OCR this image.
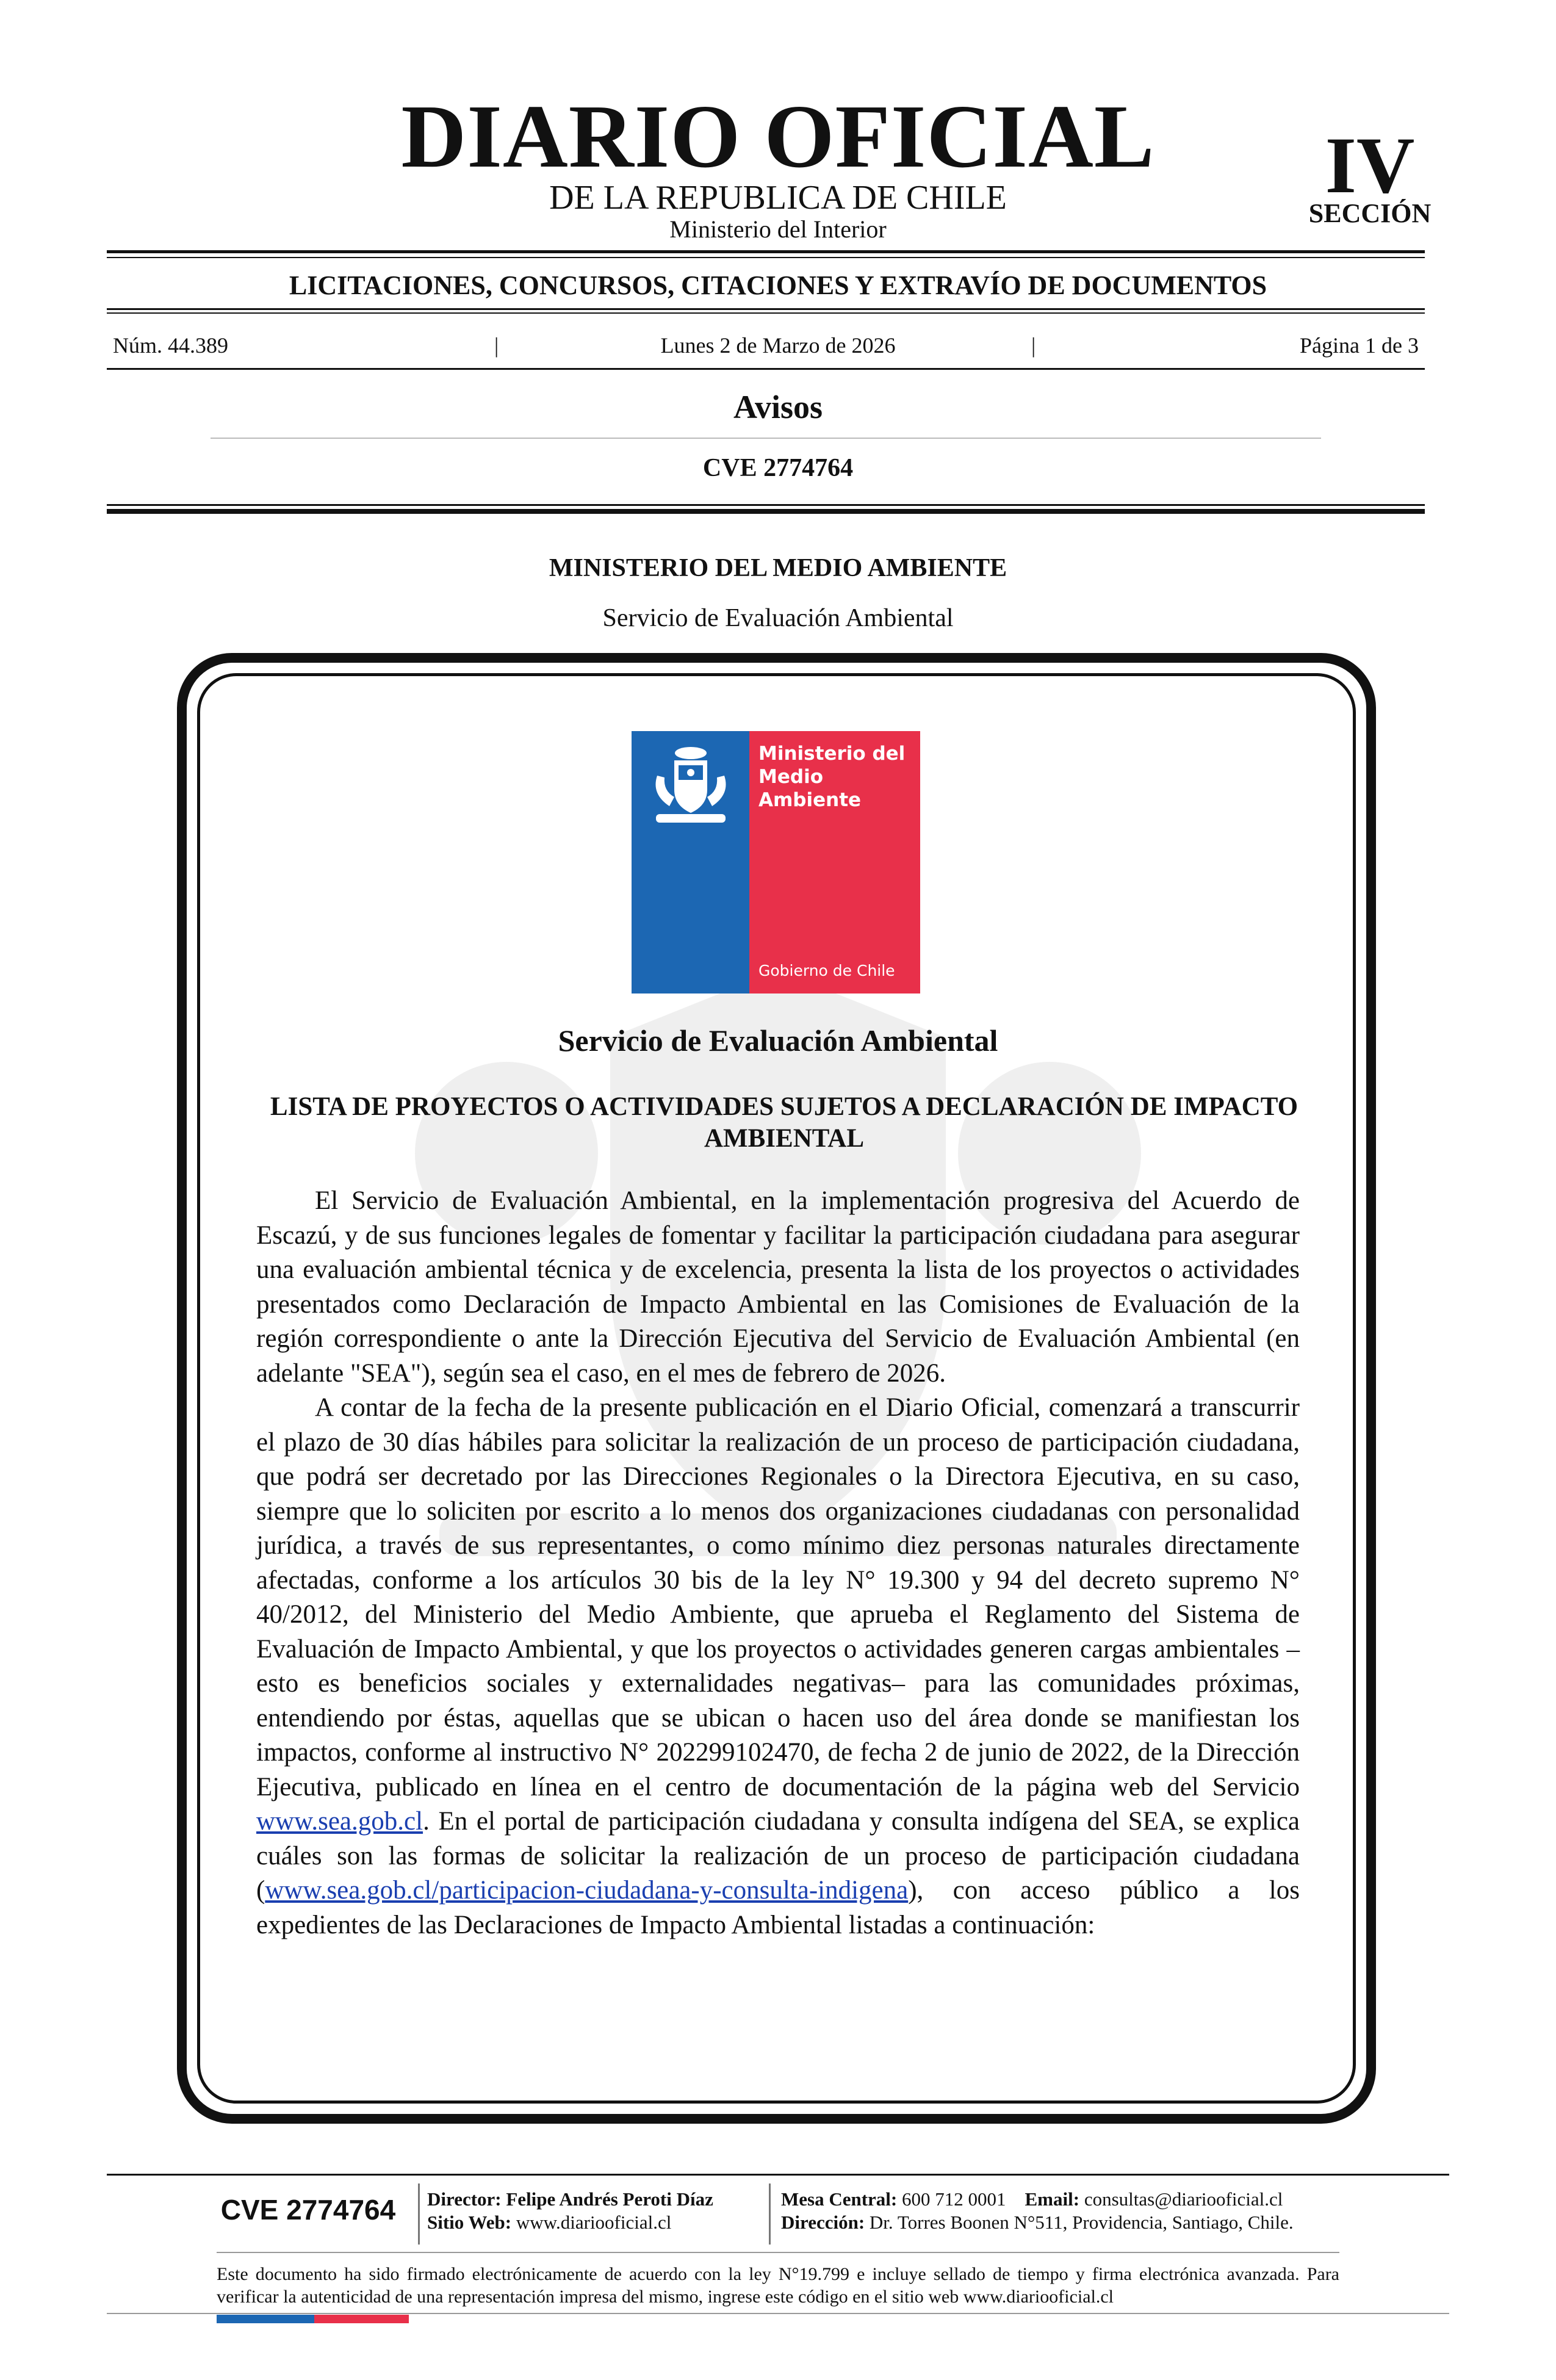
DIARIO OFICIAL
DE LA REPUBLICA DE CHILE
Ministerio del Interior
IV
SECCIÓN
LICITACIONES, CONCURSOS, CITACIONES Y EXTRAVÍO DE DOCUMENTOS
Núm. 44.389	|	Lunes 2 de Marzo de 2026	|	Página 1 de 3
Avisos
CVE 2774764
MINISTERIO DEL MEDIO AMBIENTE
Servicio de Evaluación Ambiental
Ministerio del
Medio
Ambiente
Gobierno de Chile
Servicio de Evaluación Ambiental
LISTA DE PROYECTOS O ACTIVIDADES SUJETOS A DECLARACIÓN DE IMPACTO AMBIENTAL

El Servicio de Evaluación Ambiental, en la implementación progresiva del Acuerdo de Escazú, y de sus funciones legales de fomentar y facilitar la participación ciudadana para asegurar una evaluación ambiental técnica y de excelencia, presenta la lista de los proyectos o actividades presentados como Declaración de Impacto Ambiental en las Comisiones de Evaluación de la región correspondiente o ante la Dirección Ejecutiva del Servicio de Evaluación Ambiental (en adelante "SEA"), según sea el caso, en el mes de febrero de 2026.

A contar de la fecha de la presente publicación en el Diario Oficial, comenzará a transcurrir el plazo de 30 días hábiles para solicitar la realización de un proceso de participación ciudadana, que podrá ser decretado por las Direcciones Regionales o la Directora Ejecutiva, en su caso, siempre que lo soliciten por escrito a lo menos dos organizaciones ciudadanas con personalidad jurídica, a través de sus representantes, o como mínimo diez personas naturales directamente afectadas, conforme a los artículos 30 bis de la ley N° 19.300 y 94 del decreto supremo N° 40/2012, del Ministerio del Medio Ambiente, que aprueba el Reglamento del Sistema de Evaluación de Impacto Ambiental, y que los proyectos o actividades generen cargas ambientales –esto es beneficios sociales y externalidades negativas– para las comunidades próximas, entendiendo por éstas, aquellas que se ubican o hacen uso del área donde se manifiestan los impactos, conforme al instructivo N° 202299102470, de fecha 2 de junio de 2022, de la Dirección Ejecutiva, publicado en línea en el centro de documentación de la página web del Servicio www.sea.gob.cl. En el portal de participación ciudadana y consulta indígena del SEA, se explica cuáles son las formas de solicitar la realización de un proceso de participación ciudadana (www.sea.gob.cl/participacion-ciudadana-y-consulta-indigena), con acceso público a los expedientes de las Declaraciones de Impacto Ambiental listadas a continuación:

CVE 2774764	Director: Felipe Andrés Peroti Díaz
Sitio Web: www.diariooficial.cl
Mesa Central: 600 712 0001 Email: consultas@diariooficial.cl
Dirección: Dr. Torres Boonen N°511, Providencia, Santiago, Chile.
Este documento ha sido firmado electrónicamente de acuerdo con la ley N°19.799 e incluye sellado de tiempo y firma electrónica avanzada. Para verificar la autenticidad de una representación impresa del mismo, ingrese este código en el sitio web www.diariooficial.cl
